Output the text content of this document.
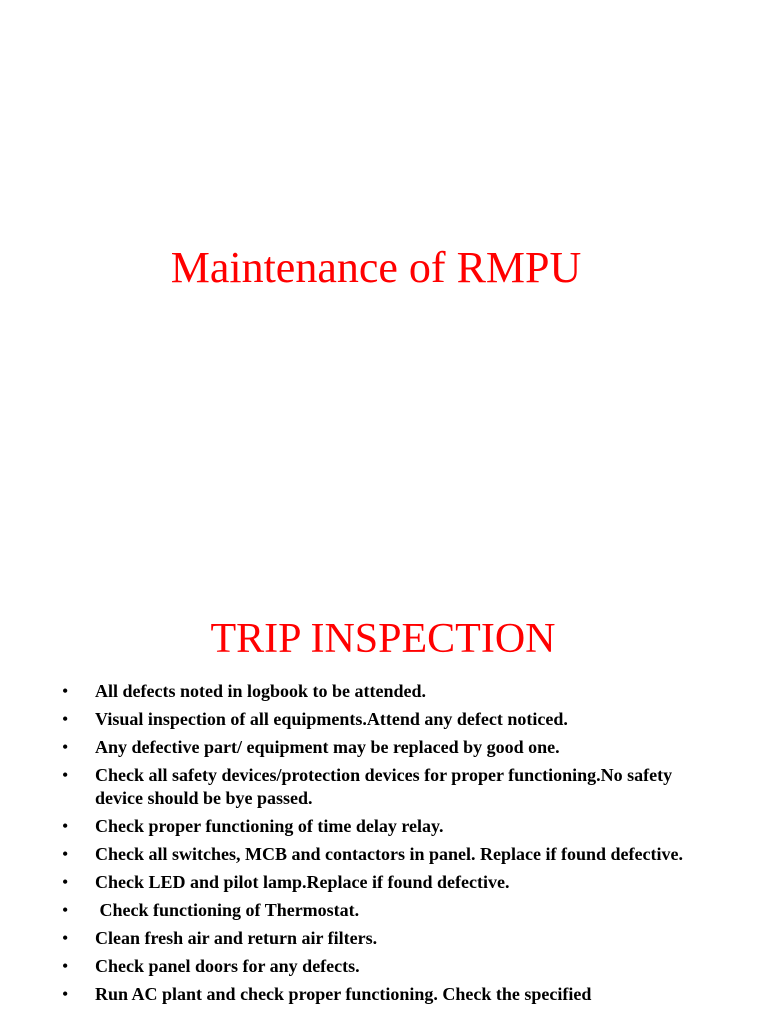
Maintenance of RMPU
TRIP INSPECTION
• All defects noted in logbook to be attended.
• Visual inspection of all equipments.Attend any defect noticed.
• Any defective part/ equipment may be replaced by good one.
• Check all safety devices/protection devices for proper functioning.No safety device should be bye passed.
• Check proper functioning of time delay relay.
• Check all switches, MCB and contactors in panel. Replace if found defective.
• Check LED and pilot lamp.Replace if found defective.
• Check functioning of Thermostat.
• Clean fresh air and return air filters.
• Check panel doors for any defects.
• Run AC plant and check proper functioning. Check the specified
